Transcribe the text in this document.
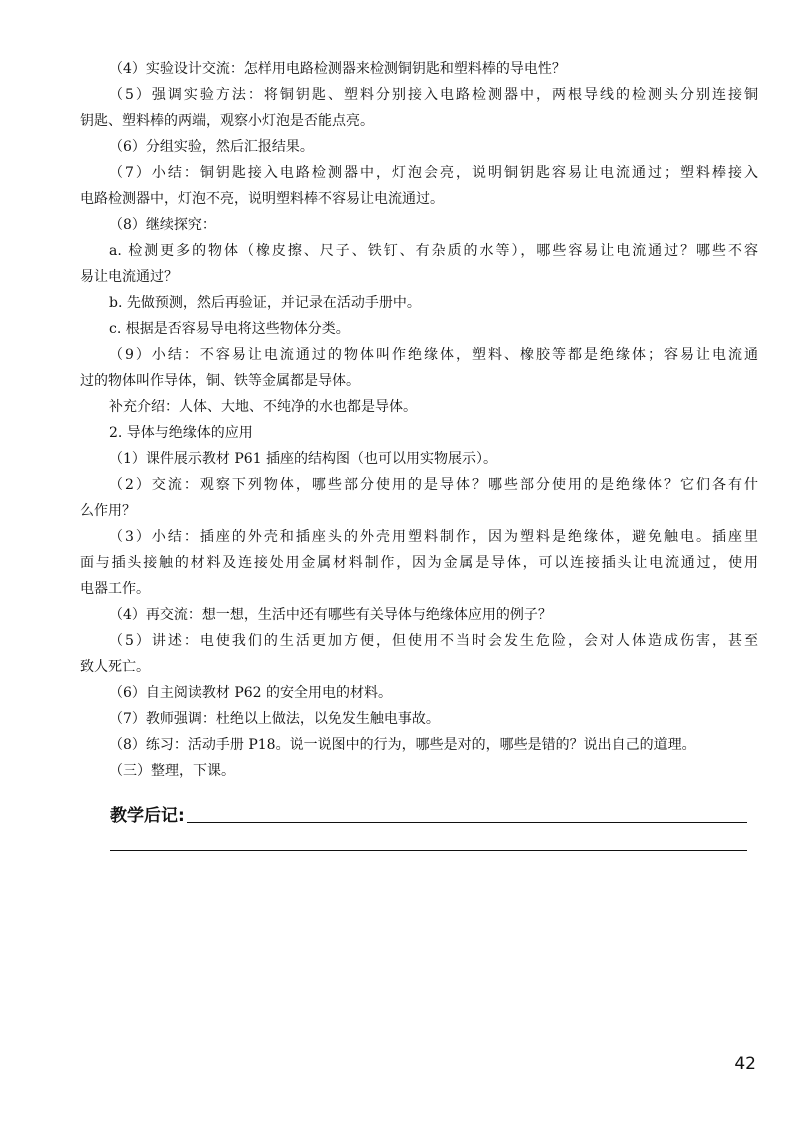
（4）实验设计交流：怎样用电路检测器来检测铜钥匙和塑料棒的导电性？
（5）强调实验方法：将铜钥匙、塑料分别接入电路检测器中，两根导线的检测头分别连接铜
钥匙、塑料棒的两端，观察小灯泡是否能点亮。
（6）分组实验，然后汇报结果。
（7）小结：铜钥匙接入电路检测器中，灯泡会亮，说明铜钥匙容易让电流通过；塑料棒接入
电路检测器中，灯泡不亮，说明塑料棒不容易让电流通过。
（8）继续探究：
a. 检测更多的物体（橡皮擦、尺子、铁钉、有杂质的水等），哪些容易让电流通过？哪些不容
易让电流通过？
b. 先做预测，然后再验证，并记录在活动手册中。
c. 根据是否容易导电将这些物体分类。
（9）小结：不容易让电流通过的物体叫作绝缘体，塑料、橡胶等都是绝缘体；容易让电流通
过的物体叫作导体，铜、铁等金属都是导体。
补充介绍：人体、大地、不纯净的水也都是导体。
2. 导体与绝缘体的应用
（1）课件展示教材 P61 插座的结构图（也可以用实物展示）。
（2）交流：观察下列物体，哪些部分使用的是导体？哪些部分使用的是绝缘体？它们各有什
么作用？
（3）小结：插座的外壳和插座头的外壳用塑料制作，因为塑料是绝缘体，避免触电。插座里
面与插头接触的材料及连接处用金属材料制作，因为金属是导体，可以连接插头让电流通过，使用
电器工作。
（4）再交流：想一想，生活中还有哪些有关导体与绝缘体应用的例子？
（5）讲述：电使我们的生活更加方便，但使用不当时会发生危险，会对人体造成伤害，甚至
致人死亡。
（6）自主阅读教材 P62 的安全用电的材料。
（7）教师强调：杜绝以上做法，以免发生触电事故。
（8）练习：活动手册 P18。说一说图中的行为，哪些是对的，哪些是错的？说出自己的道理。
（三）整理，下课。
教学后记:
42
